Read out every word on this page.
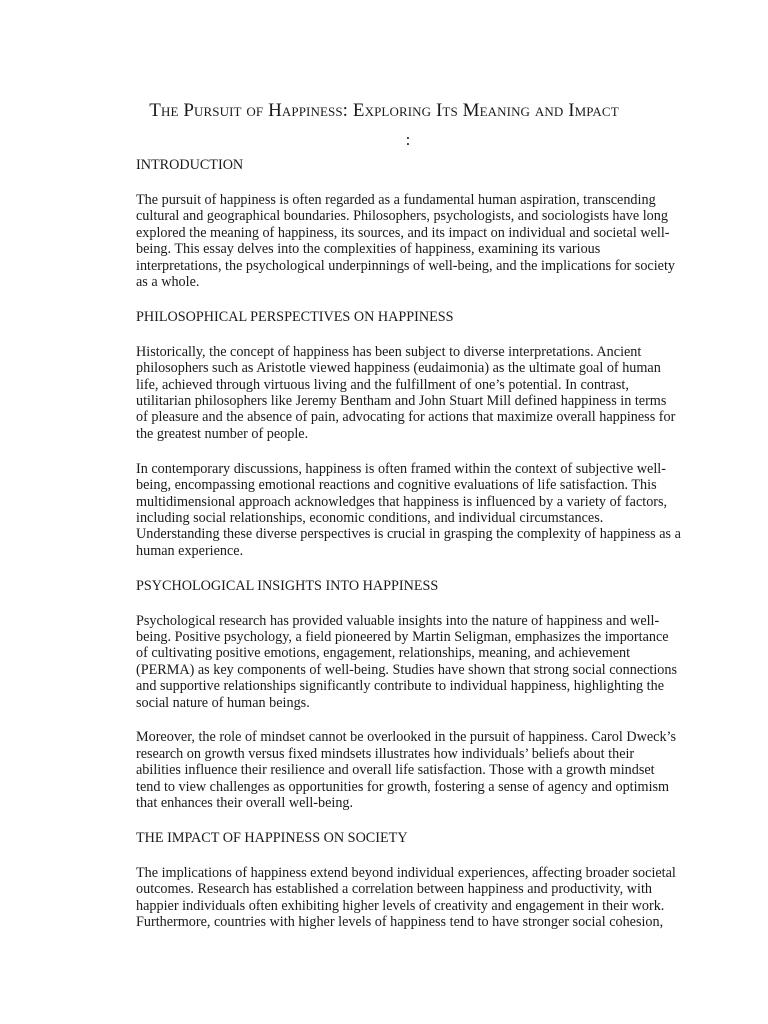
The Pursuit of Happiness: Exploring Its Meaning and Impact
:
INTRODUCTION
The pursuit of happiness is often regarded as a fundamental human aspiration, transcending cultural and geographical boundaries. Philosophers, psychologists, and sociologists have long explored the meaning of happiness, its sources, and its impact on individual and societal well-being. This essay delves into the complexities of happiness, examining its various interpretations, the psychological underpinnings of well-being, and the implications for society as a whole.
PHILOSOPHICAL PERSPECTIVES ON HAPPINESS
Historically, the concept of happiness has been subject to diverse interpretations. Ancient philosophers such as Aristotle viewed happiness (eudaimonia) as the ultimate goal of human life, achieved through virtuous living and the fulfillment of one’s potential. In contrast, utilitarian philosophers like Jeremy Bentham and John Stuart Mill defined happiness in terms of pleasure and the absence of pain, advocating for actions that maximize overall happiness for the greatest number of people.
In contemporary discussions, happiness is often framed within the context of subjective well-being, encompassing emotional reactions and cognitive evaluations of life satisfaction. This multidimensional approach acknowledges that happiness is influenced by a variety of factors, including social relationships, economic conditions, and individual circumstances. Understanding these diverse perspectives is crucial in grasping the complexity of happiness as a human experience.
PSYCHOLOGICAL INSIGHTS INTO HAPPINESS
Psychological research has provided valuable insights into the nature of happiness and well-being. Positive psychology, a field pioneered by Martin Seligman, emphasizes the importance of cultivating positive emotions, engagement, relationships, meaning, and achievement (PERMA) as key components of well-being. Studies have shown that strong social connections and supportive relationships significantly contribute to individual happiness, highlighting the social nature of human beings.
Moreover, the role of mindset cannot be overlooked in the pursuit of happiness. Carol Dweck’s research on growth versus fixed mindsets illustrates how individuals’ beliefs about their abilities influence their resilience and overall life satisfaction. Those with a growth mindset tend to view challenges as opportunities for growth, fostering a sense of agency and optimism that enhances their overall well-being.
THE IMPACT OF HAPPINESS ON SOCIETY
The implications of happiness extend beyond individual experiences, affecting broader societal outcomes. Research has established a correlation between happiness and productivity, with happier individuals often exhibiting higher levels of creativity and engagement in their work. Furthermore, countries with higher levels of happiness tend to have stronger social cohesion,
